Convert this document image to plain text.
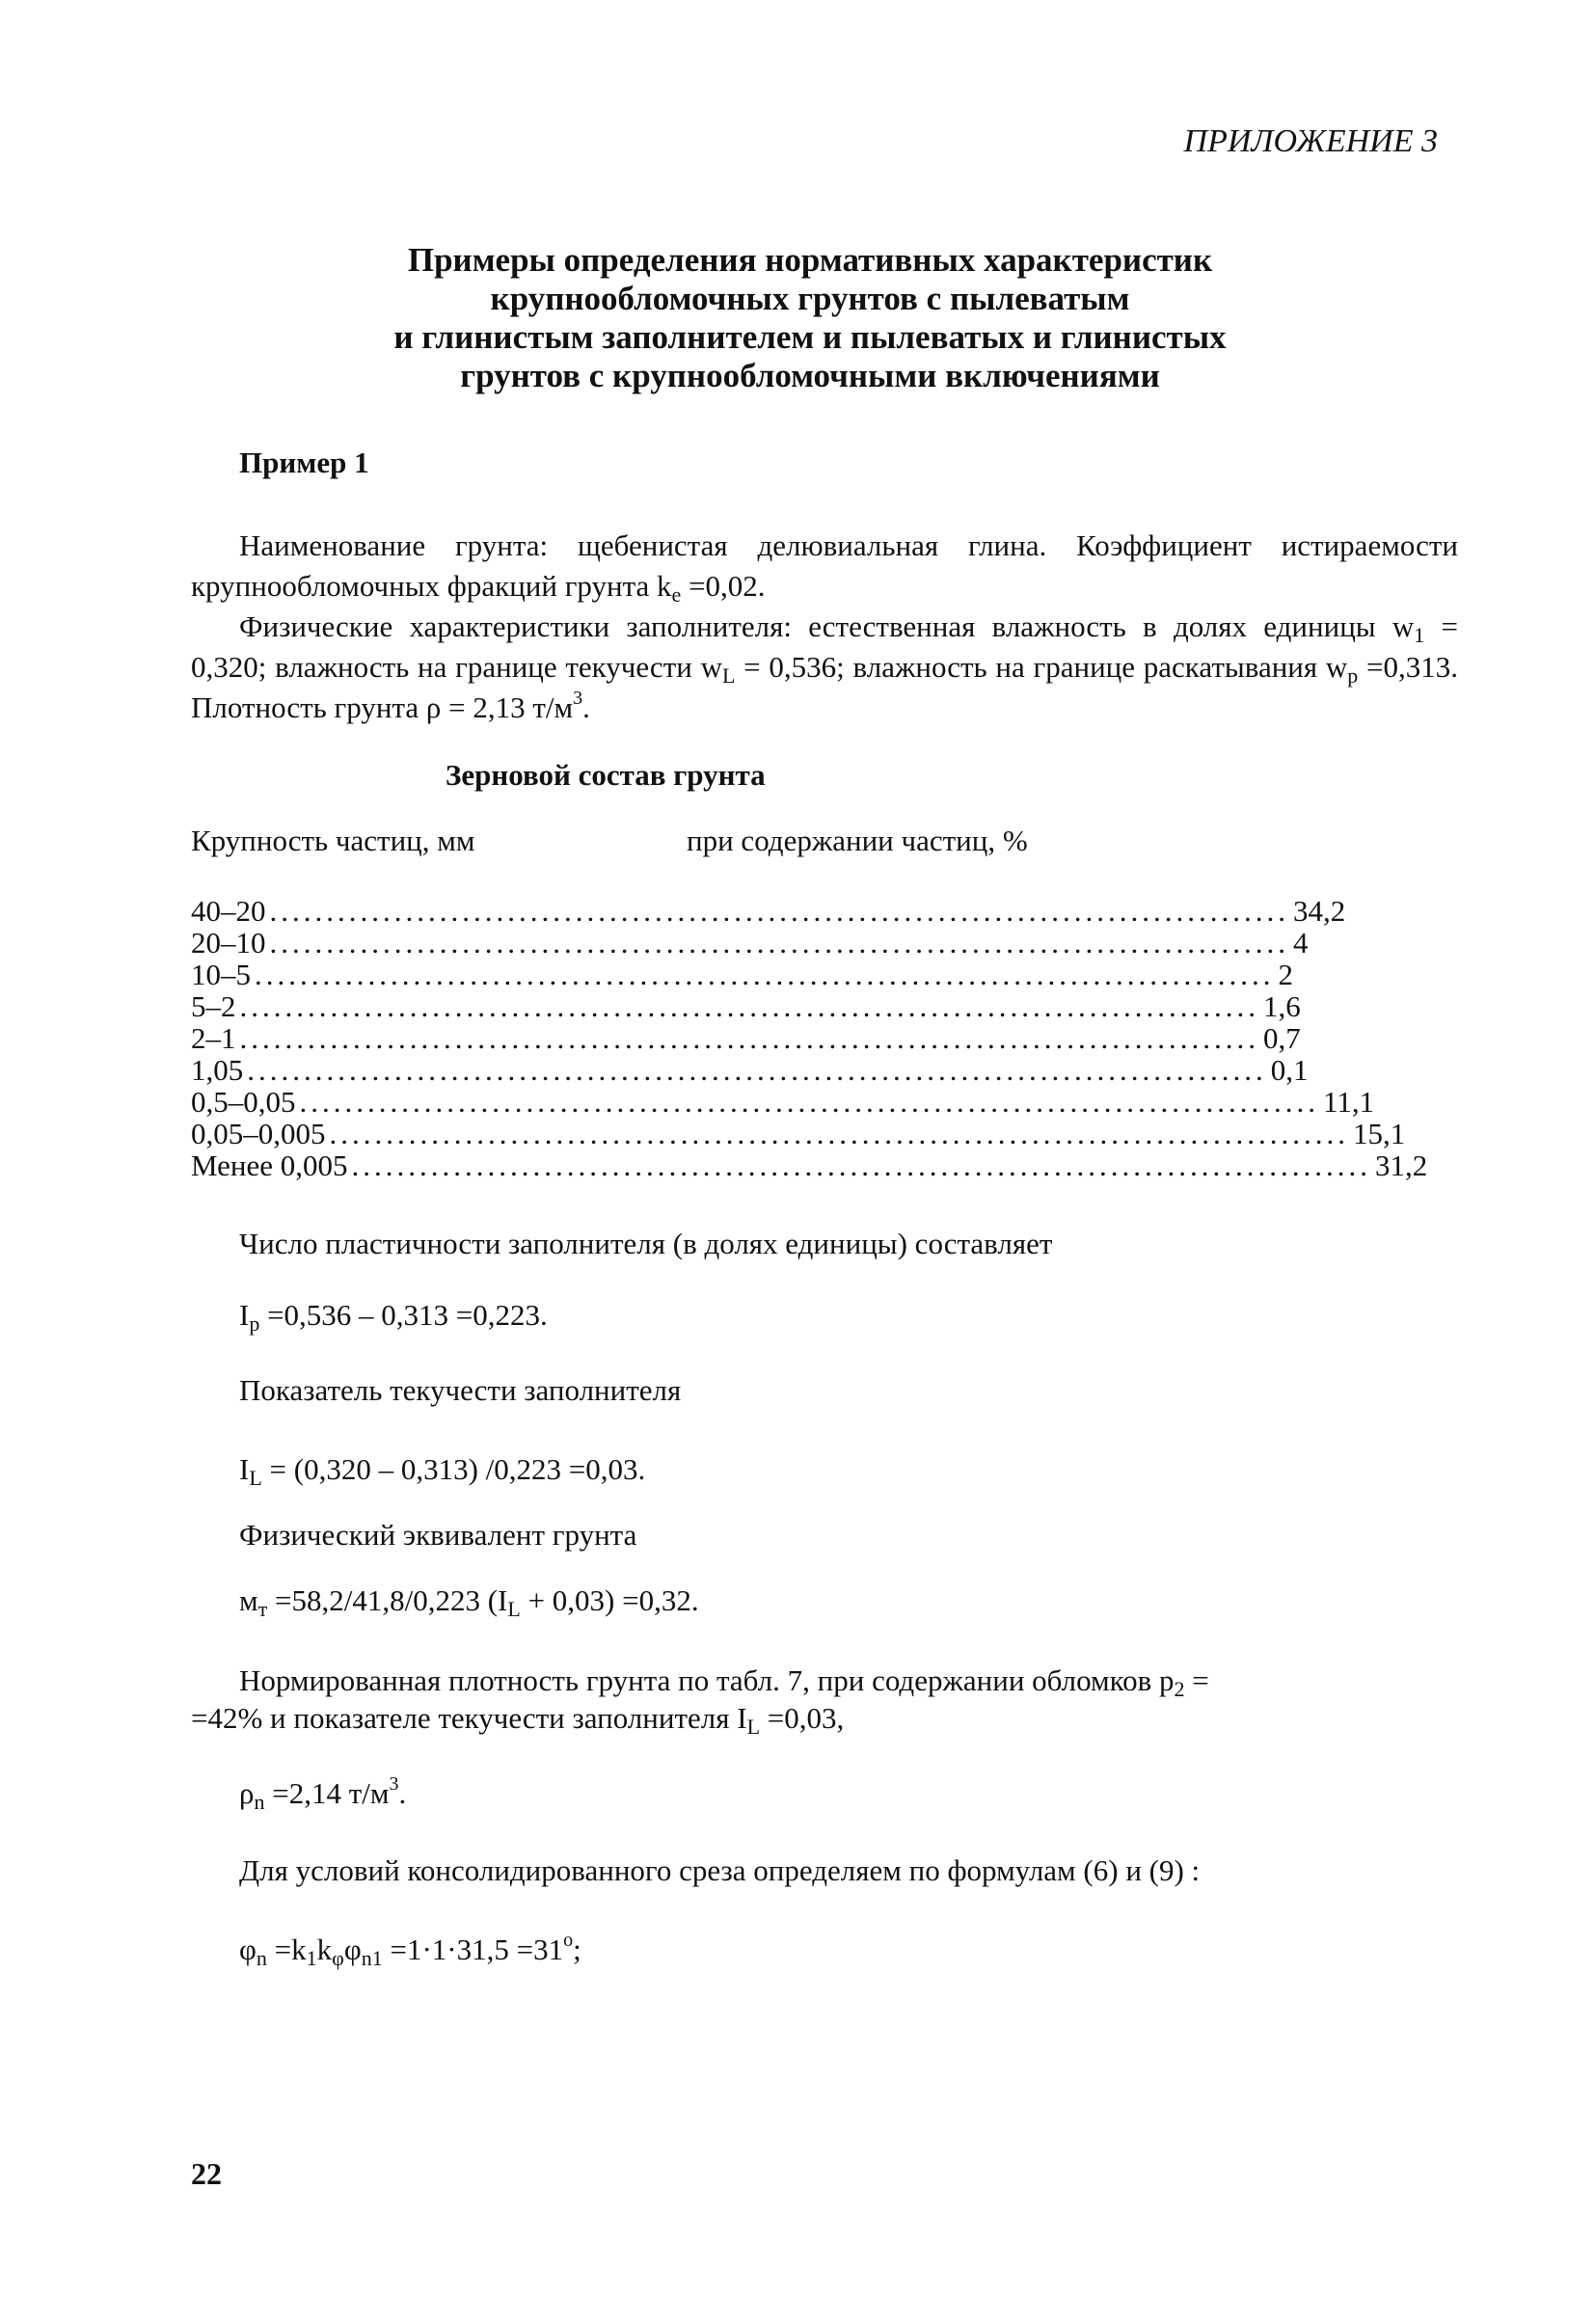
ПРИЛОЖЕНИЕ 3
Примеры определения нормативных характеристик
крупнообломочных грунтов с пылеватым
и глинистым заполнителем и пылеватых и глинистых
грунтов с крупнообломочными включениями
Пример 1
Наименование грунта: щебенистая делювиальная глина. Коэффициент истираемости крупнообломочных фракций грунта $k_e =0,02$.
Физические характеристики заполнителя: естественная влажность в долях единицы $w_1 = 0,320$; влажность на границе текучести $w_L = 0,536$; влажность на границе раскатывания $w_p =0,313$. Плотность грунта ρ = 2,13 $т/м^3$.
Зерновой состав грунта
Крупность частиц, мм	при содержании частиц, %
40–20 .......................................................................................... 34,2
20–10 .......................................................................................... 4
10–5 .......................................................................................... 2
5–2 .......................................................................................... 1,6
2–1 .......................................................................................... 0,7
1,05 .......................................................................................... 0,1
0,5–0,05 .......................................................................................... 11,1
0,05–0,005 .......................................................................................... 15,1
Менее 0,005 .......................................................................................... 31,2
Число пластичности заполнителя (в долях единицы) составляет
$I_p =0,536 - 0,313 =0,223$.
Показатель текучести заполнителя
$I_L = (0,320 - 0,313)$ /0,223 =0,03.
Физический эквивалент грунта
$м_т =58,2/41,8/0,223$ $(I_L + 0,03) =0,32$.
Нормированная плотность грунта по табл. 7, при содержании обломков $p_2$ =
=42% и показателе текучести заполнителя $I_L =0,03$,
$\rho_n =2,14$ $т/м^3$.
Для условий консолидированного среза определяем по формулам (6) и (9) :
$\varphi_n =k_1k_\varphi\varphi_{n1} =1\cdot 1\cdot 31,5 =31^o$;
22
